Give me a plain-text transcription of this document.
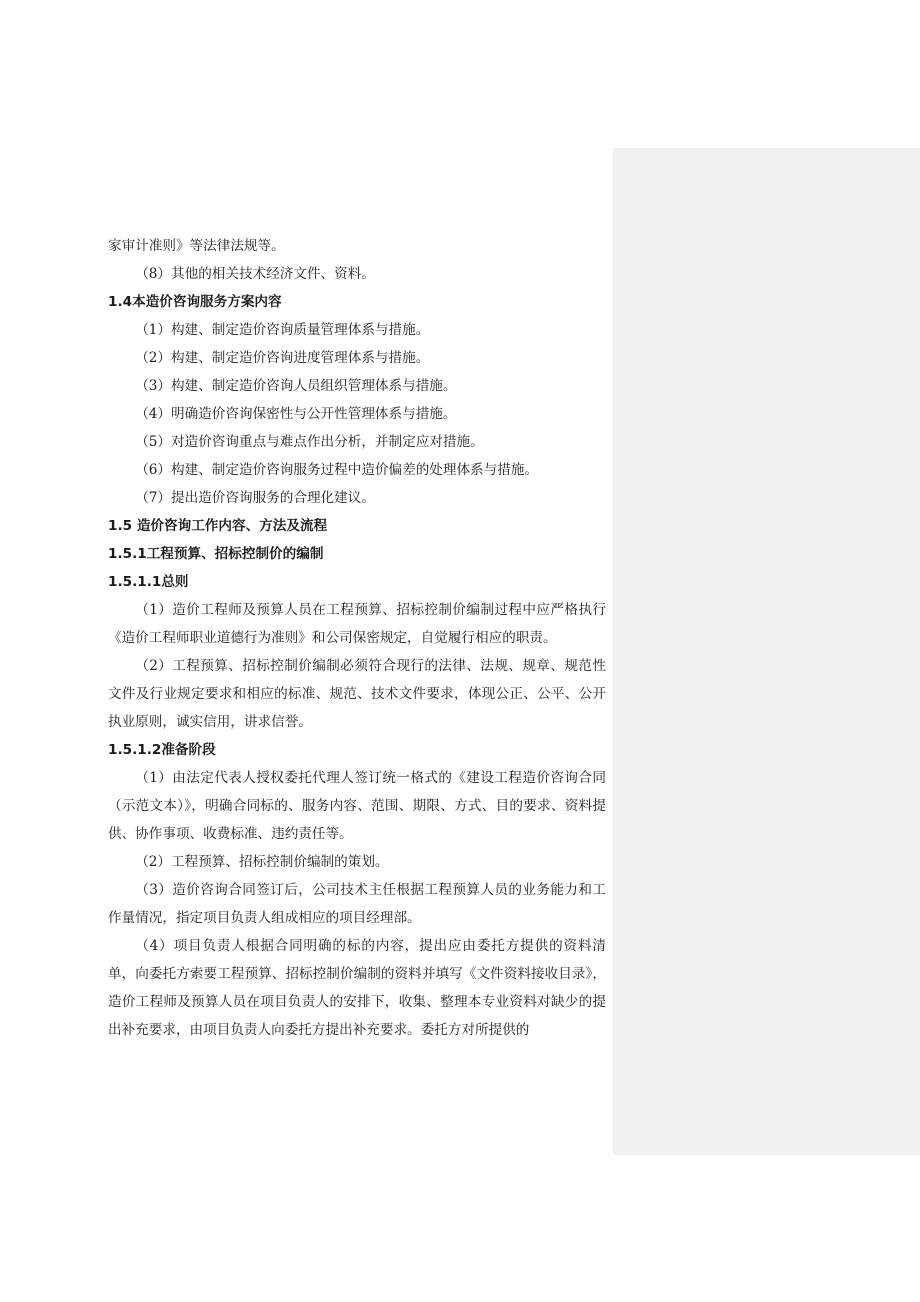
家审计准则》等法律法规等。
（8）其他的相关技术经济文件、资料。
1.4本造价咨询服务方案内容
（1）构建、制定造价咨询质量管理体系与措施。
（2）构建、制定造价咨询进度管理体系与措施。
（3）构建、制定造价咨询人员组织管理体系与措施。
（4）明确造价咨询保密性与公开性管理体系与措施。
（5）对造价咨询重点与难点作出分析，并制定应对措施。
（6）构建、制定造价咨询服务过程中造价偏差的处理体系与措施。
（7）提出造价咨询服务的合理化建议。
1.5 造价咨询工作内容、方法及流程
1.5.1工程预算、招标控制价的编制
1.5.1.1总则

（1）造价工程师及预算人员在工程预算、招标控制价编制过程中应严格执行《造价工程师职业道德行为准则》和公司保密规定，自觉履行相应的职责。

（2）工程预算、招标控制价编制必须符合现行的法律、法规、规章、规范性文件及行业规定要求和相应的标准、规范、技术文件要求，体现公正、公平、公开执业原则，诚实信用，讲求信誉。

1.5.1.2准备阶段

（1）由法定代表人授权委托代理人签订统一格式的《建设工程造价咨询合同（示范文本）》，明确合同标的、服务内容、范围、期限、方式、目的要求、资料提供、协作事项、收费标准、违约责任等。

（2）工程预算、招标控制价编制的策划。

（3）造价咨询合同签订后，公司技术主任根据工程预算人员的业务能力和工作量情况，指定项目负责人组成相应的项目经理部。

（4）项目负责人根据合同明确的标的内容，提出应由委托方提供的资料清单，向委托方索要工程预算、招标控制价编制的资料并填写《文件资料接收目录》，造价工程师及预算人员在项目负责人的安排下，收集、整理本专业资料对缺少的提出补充要求，由项目负责人向委托方提出补充要求。委托方对所提供的
